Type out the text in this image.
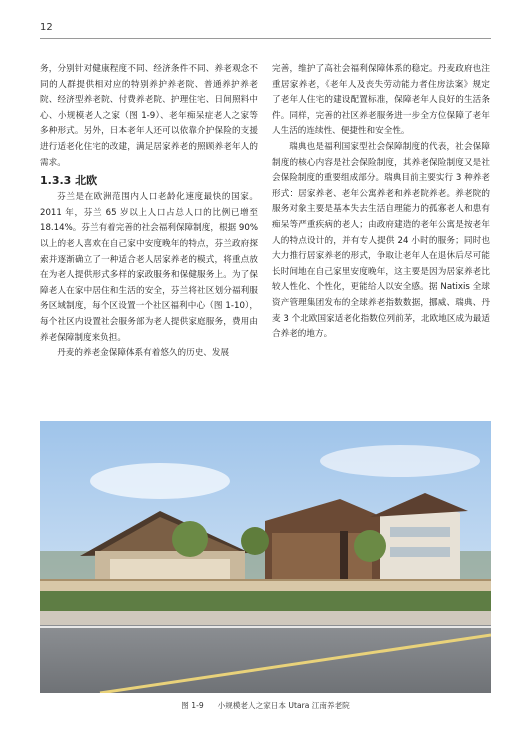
12

务，分别针对健康程度不同、经济条件不同、养老观念不同的人群提供相对应的特别养护养老院、普通养护养老院、经济型养老院、付费养老院、护理住宅、日间照料中心、小规模老人之家（图 1-9）、老年痴呆症老人之家等多种形式。另外，日本老年人还可以依靠介护保险的支援进行适老化住宅的改建，满足居家养老的照顾养老年人的需求。

1.3.3 北欧

芬兰是在欧洲范围内人口老龄化速度最快的国家。2011 年，芬兰 65 岁以上人口占总人口的比例已增至 18.14%。芬兰有着完善的社会福利保障制度，根据 90% 以上的老人喜欢在自己家中安度晚年的特点，芬兰政府探索并逐渐确立了一种适合老人居家养老的模式，将重点放在为老人提供形式多样的家政服务和保健服务上。为了保障老人在家中居住和生活的安全，芬兰将社区划分福利服务区域制度，每个区设置一个社区福利中心（图 1-10），每个社区内设置社会服务部为老人提供家庭服务，费用由养老保障制度来负担。

丹麦的养老金保障体系有着悠久的历史、发展

完善，维护了高社会福利保障体系的稳定。丹麦政府也注重居家养老，《老年人及丧失劳动能力者住房法案》规定了老年人住宅的建设配置标准，保障老年人良好的生活条件。同样，完善的社区养老服务进一步全方位保障了老年人生活的连续性、便捷性和安全性。

瑞典也是福利国家型社会保障制度的代表，社会保障制度的核心内容是社会保险制度，其养老保险制度又是社会保险制度的重要组成部分。瑞典目前主要实行 3 种养老形式：居家养老、老年公寓养老和养老院养老。养老院的服务对象主要是基本失去生活自理能力的孤寡老人和患有痴呆等严重疾病的老人；由政府建造的老年公寓是按老年人的特点设计的，并有专人提供 24 小时的服务；同时也大力推行居家养老的形式，争取让老年人在退休后尽可能长时间地在自己家里安度晚年，这主要是因为居家养老比较人性化、个性化，更能给人以安全感。据 Natixis 全球资产管理集团发布的全球养老指数数据，挪威、瑞典、丹麦 3 个北欧国家适老化指数位列前茅，北欧地区成为最适合养老的地方。

图 1-9 小规模老人之家日本 Utara 江南养老院
